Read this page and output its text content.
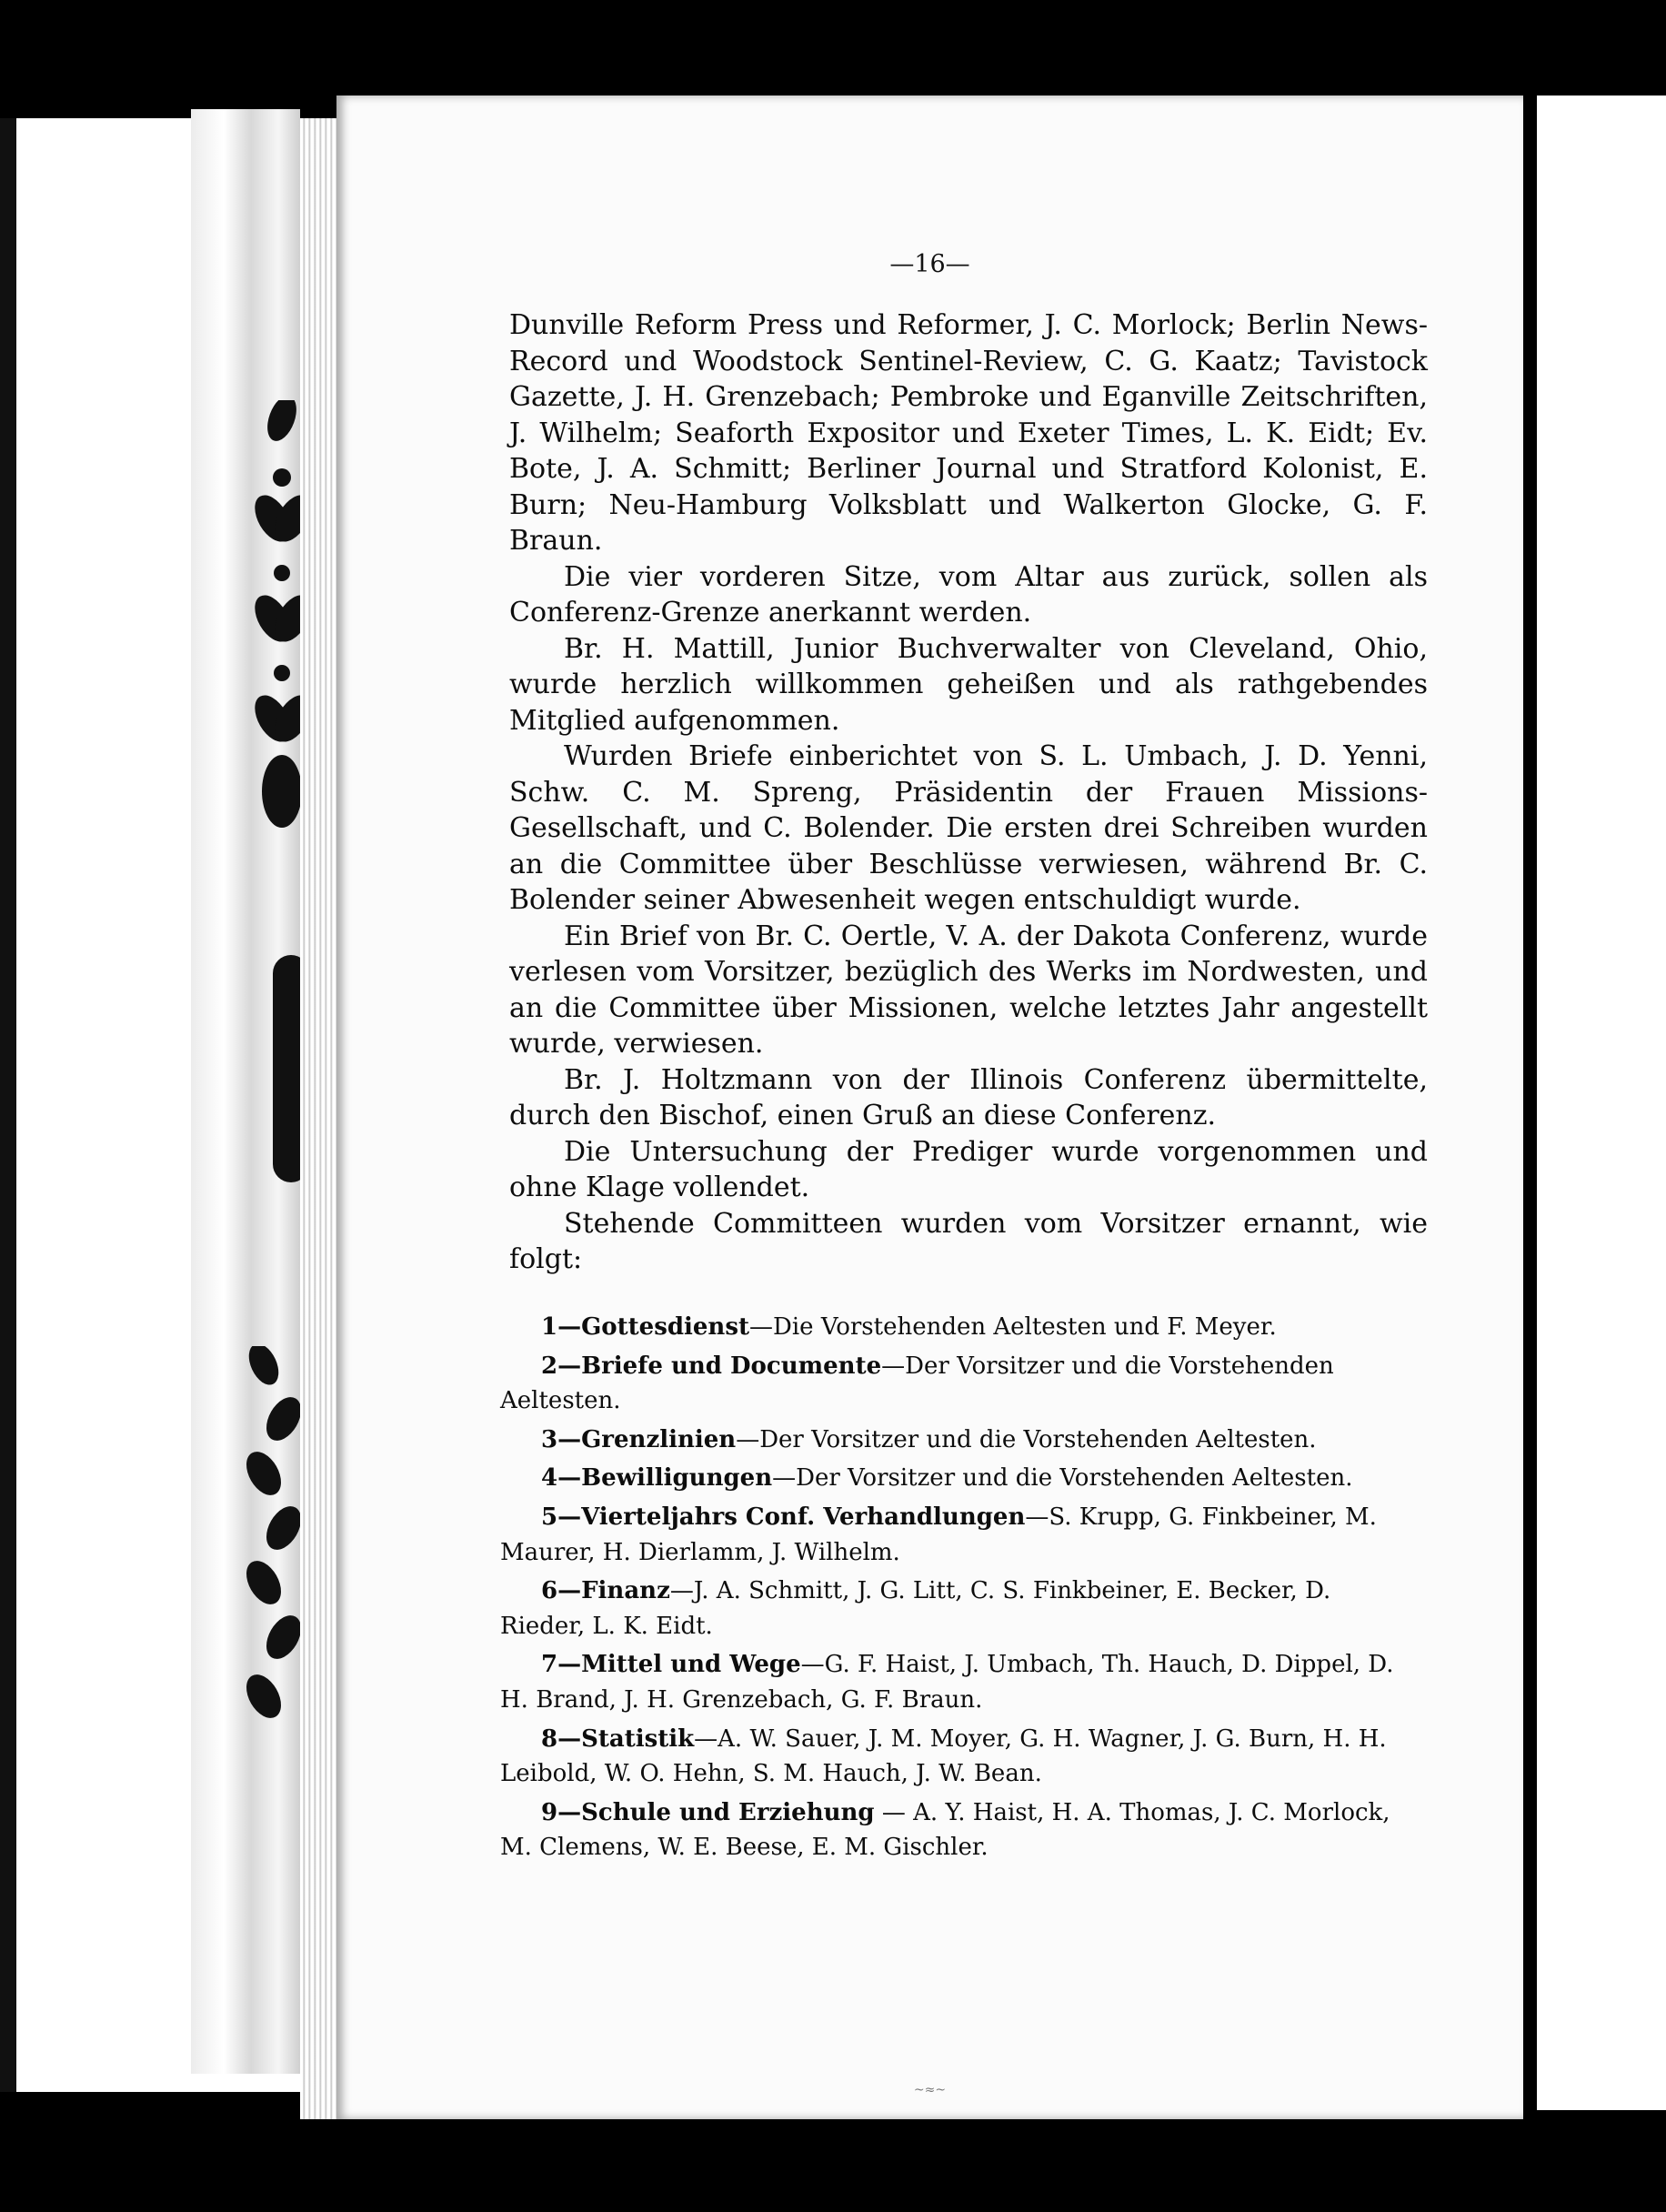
—16—
~≈~

Dunville Reform Press und Reformer, J. C. Morlock; Berlin News-Record und Woodstock Sentinel-Review, C. G. Kaatz; Tavistock Gazette, J. H. Grenzebach; Pembroke und Eganville Zeitschriften, J. Wilhelm; Seaforth Expositor und Exeter Times, L. K. Eidt; Ev. Bote, J. A. Schmitt; Berliner Journal und Stratford Kolonist, E. Burn; Neu-Hamburg Volksblatt und Walkerton Glocke, G. F. Braun.

Die vier vorderen Sitze, vom Altar aus zurück, sollen als Conferenz-Grenze anerkannt werden.

Br. H. Mattill, Junior Buchverwalter von Cleveland, Ohio, wurde herzlich willkommen geheißen und als rathgebendes Mitglied aufgenommen.

Wurden Briefe einberichtet von S. L. Umbach, J. D. Yenni, Schw. C. M. Spreng, Präsidentin der Frauen Missions-Gesellschaft, und C. Bolender. Die ersten drei Schreiben wurden an die Committee über Beschlüsse verwiesen, während Br. C. Bolender seiner Abwesenheit wegen entschuldigt wurde.

Ein Brief von Br. C. Oertle, V. A. der Dakota Conferenz, wurde verlesen vom Vorsitzer, bezüglich des Werks im Nordwesten, und an die Committee über Missionen, welche letztes Jahr angestellt wurde, verwiesen.

Br. J. Holtzmann von der Illinois Conferenz übermittelte, durch den Bischof, einen Gruß an diese Conferenz.

Die Untersuchung der Prediger wurde vorgenommen und ohne Klage vollendet.

Stehende Committeen wurden vom Vorsitzer ernannt, wie folgt:

1—Gottesdienst—Die Vorstehenden Aeltesten und F. Meyer.
2—Briefe und Documente—Der Vorsitzer und die Vorstehenden Aeltesten.
3—Grenzlinien—Der Vorsitzer und die Vorstehenden Aeltesten.
4—Bewilligungen—Der Vorsitzer und die Vorstehenden Aeltesten.
5—Vierteljahrs Conf. Verhandlungen—S. Krupp, G. Finkbeiner, M. Maurer, H. Dierlamm, J. Wilhelm.
6—Finanz—J. A. Schmitt, J. G. Litt, C. S. Finkbeiner, E. Becker, D. Rieder, L. K. Eidt.
7—Mittel und Wege—G. F. Haist, J. Umbach, Th. Hauch, D. Dippel, D. H. Brand, J. H. Grenzebach, G. F. Braun.
8—Statistik—A. W. Sauer, J. M. Moyer, G. H. Wagner, J. G. Burn, H. H. Leibold, W. O. Hehn, S. M. Hauch, J. W. Bean.
9—Schule und Erziehung — A. Y. Haist, H. A. Thomas, J. C. Morlock, M. Clemens, W. E. Beese, E. M. Gischler.
